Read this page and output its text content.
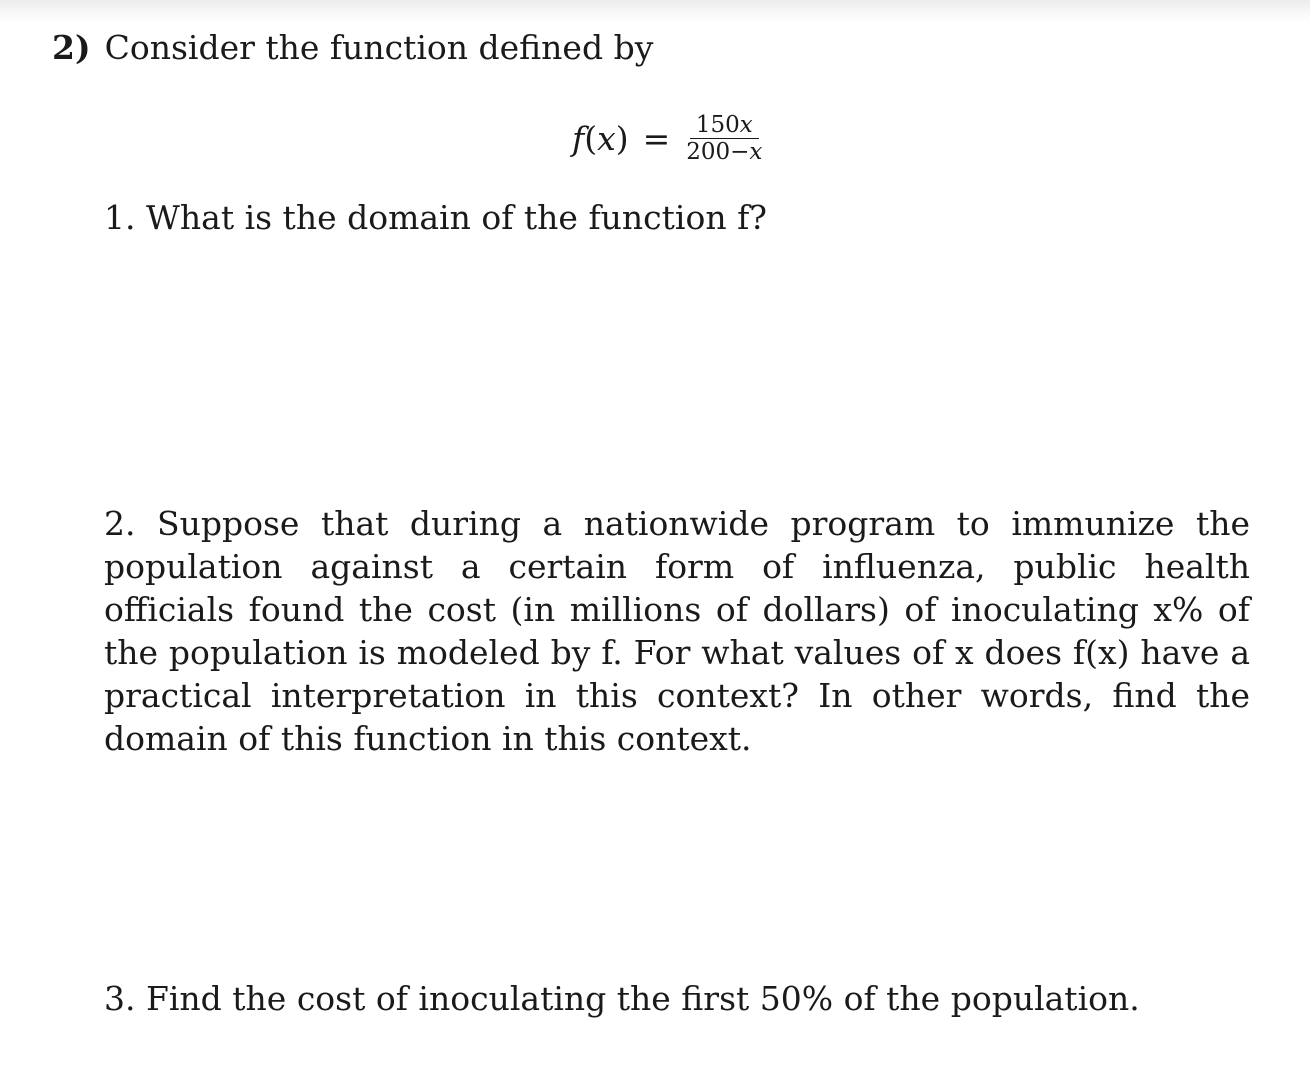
2) Consider the function defined by
$f(x) = \frac{150x}{200-x}$
1. What is the domain of the function f?
2. Suppose that during a nationwide program to immunize the population against a certain form of influenza, public health officials found the cost (in millions of dollars) of inoculating x% of the population is modeled by f. For what values of x does f(x) have a practical interpretation in this context? In other words, find the domain of this function in this context.
3. Find the cost of inoculating the first 50% of the population.
